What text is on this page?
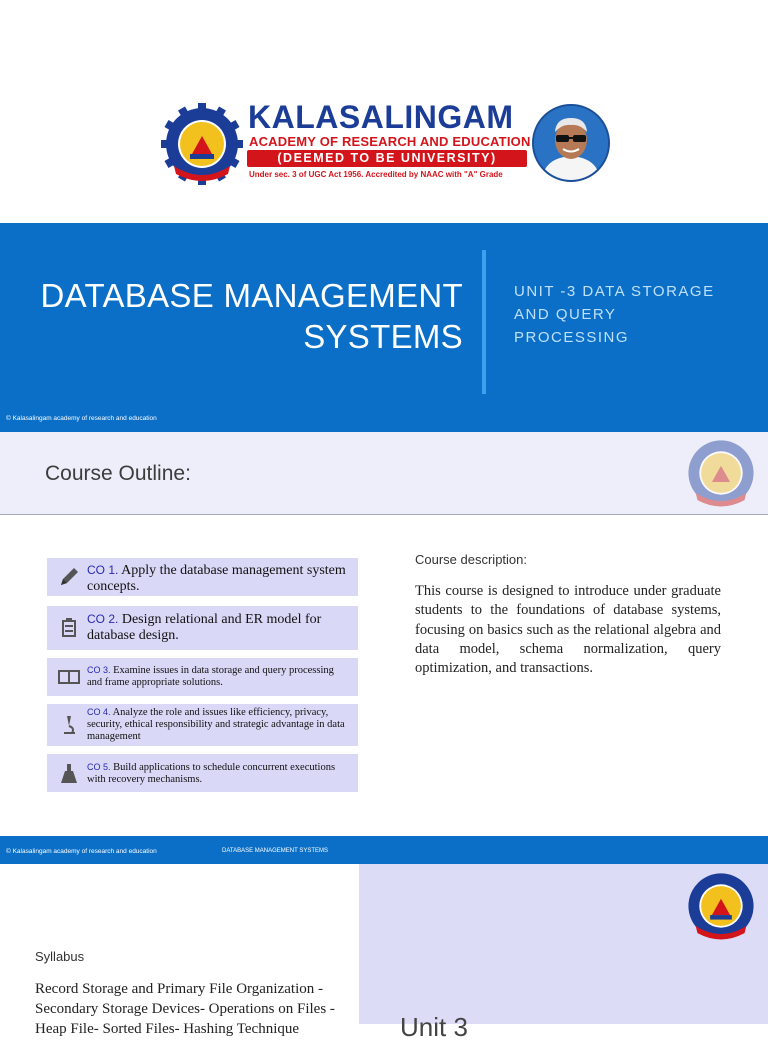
KALASALINGAM
ACADEMY OF RESEARCH AND EDUCATION
(DEEMED TO BE UNIVERSITY)
Under sec. 3 of UGC Act 1956. Accredited by NAAC with "A" Grade
DATABASE MANAGEMENT SYSTEMS
UNIT -3 DATA STORAGE AND QUERY PROCESSING
© Kalasalingam academy of research and education
Course Outline:
CO 1. Apply the database management system concepts.
CO 2. Design relational and ER model for database design.
CO 3. Examine issues in data storage and query processing and frame appropriate solutions.
CO 4. Analyze the role and issues like efficiency, privacy, security, ethical responsibility and strategic advantage in data management
CO 5. Build applications to schedule concurrent executions with recovery mechanisms.
Course description:
This course is designed to introduce under graduate students to the foundations of database systems, focusing on basics such as the relational algebra and data model, schema normalization, query optimization, and transactions.
© Kalasalingam academy of research and education	DATABASE MANAGEMENT SYSTEMS
Syllabus
Record Storage and Primary File Organization - Secondary Storage Devices- Operations on Files - Heap File- Sorted Files- Hashing Technique	Unit 3
